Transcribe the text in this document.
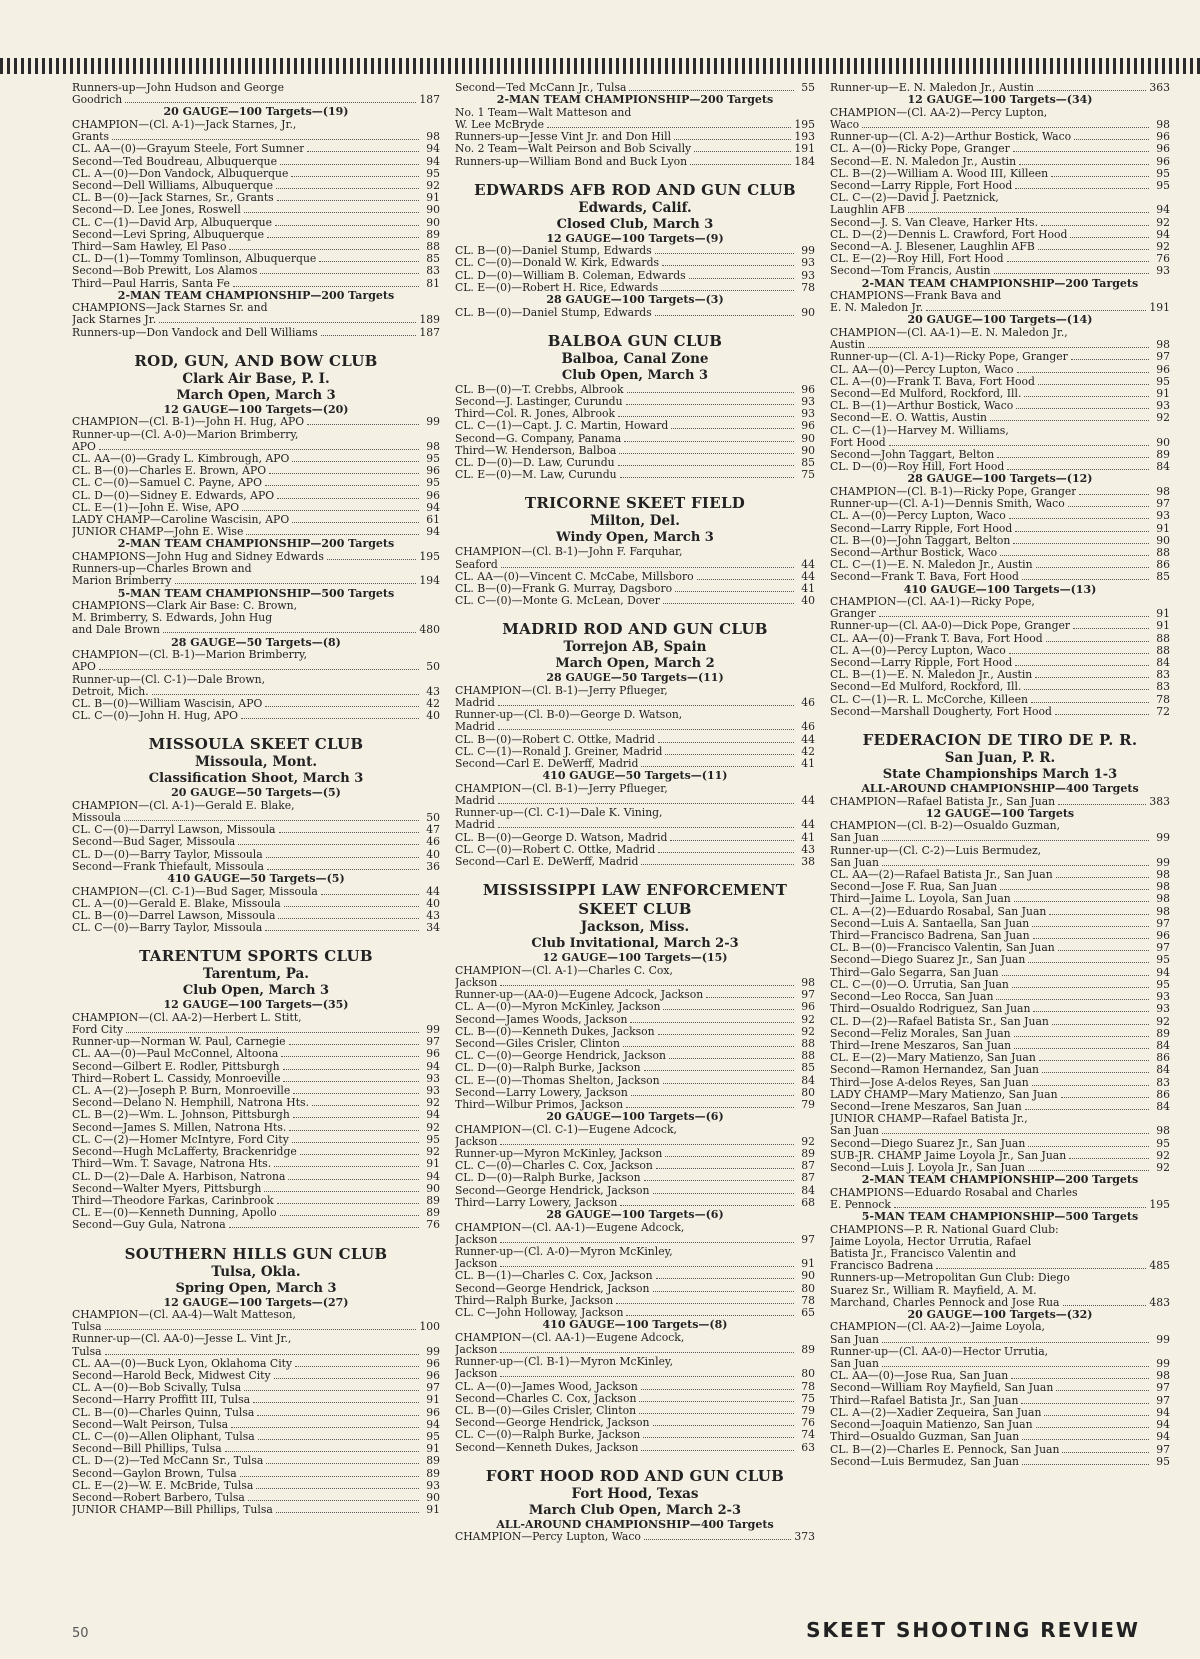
Runners-up—John Hudson and George
Goodrich	187
20 GAUGE—100 Targets—(19)
CHAMPION—(Cl. A-1)—Jack Starnes, Jr.,
Grants	98
CL. AA—(0)—Grayum Steele, Fort Sumner	94
Second—Ted Boudreau, Albuquerque	94
CL. A—(0)—Don Vandock, Albuquerque	95
Second—Dell Williams, Albuquerque	92
CL. B—(0)—Jack Starnes, Sr., Grants	91
Second—D. Lee Jones, Roswell	90
CL. C—(1)—David Arp, Albuquerque	90
Second—Levi Spring, Albuquerque	89
Third—Sam Hawley, El Paso	88
CL. D—(1)—Tommy Tomlinson, Albuquerque	85
Second—Bob Prewitt, Los Alamos	83
Third—Paul Harris, Santa Fe	81
2-MAN TEAM CHAMPIONSHIP—200 Targets
CHAMPIONS—Jack Starnes Sr. and
Jack Starnes Jr.	189
Runners-up—Don Vandock and Dell Williams	187
ROD, GUN, AND BOW CLUB
Clark Air Base, P. I.
March Open, March 3
12 GAUGE—100 Targets—(20)
CHAMPION—(Cl. B-1)—John H. Hug, APO	99
Runner-up—(Cl. A-0)—Marion Brimberry,
APO	98
CL. AA—(0)—Grady L. Kimbrough, APO	95
CL. B—(0)—Charles E. Brown, APO	96
CL. C—(0)—Samuel C. Payne, APO	95
CL. D—(0)—Sidney E. Edwards, APO	96
CL. E—(1)—John E. Wise, APO	94
LADY CHAMP—Caroline Wascisin, APO	61
JUNIOR CHAMP—John E. Wise	94
2-MAN TEAM CHAMPIONSHIP—200 Targets
CHAMPIONS—John Hug and Sidney Edwards	195
Runners-up—Charles Brown and
Marion Brimberry	194
5-MAN TEAM CHAMPIONSHIP—500 Targets
CHAMPIONS—Clark Air Base: C. Brown,
M. Brimberry, S. Edwards, John Hug
and Dale Brown	480
28 GAUGE—50 Targets—(8)
CHAMPION—(Cl. B-1)—Marion Brimberry,
APO	50
Runner-up—(Cl. C-1)—Dale Brown,
Detroit, Mich.	43
CL. B—(0)—William Wascisin, APO	42
CL. C—(0)—John H. Hug, APO	40
MISSOULA SKEET CLUB
Missoula, Mont.
Classification Shoot, March 3
20 GAUGE—50 Targets—(5)
CHAMPION—(Cl. A-1)—Gerald E. Blake,
Missoula	50
CL. C—(0)—Darryl Lawson, Missoula	47
Second—Bud Sager, Missoula	46
CL. D—(0)—Barry Taylor, Missoula	40
Second—Frank Thiefault, Missoula	36
410 GAUGE—50 Targets—(5)
CHAMPION—(Cl. C-1)—Bud Sager, Missoula	44
CL. A—(0)—Gerald E. Blake, Missoula	40
CL. B—(0)—Darrel Lawson, Missoula	43
CL. C—(0)—Barry Taylor, Missoula	34
TARENTUM SPORTS CLUB
Tarentum, Pa.
Club Open, March 3
12 GAUGE—100 Targets—(35)
CHAMPION—(Cl. AA-2)—Herbert L. Stitt,
Ford City	99
Runner-up—Norman W. Paul, Carnegie	97
CL. AA—(0)—Paul McConnel, Altoona	96
Second—Gilbert E. Rodler, Pittsburgh	94
Third—Robert L. Cassidy, Monroeville	93
CL. A—(2)—Joseph P. Burn, Monroeville	93
Second—Delano N. Hemphill, Natrona Hts.	92
CL. B—(2)—Wm. L. Johnson, Pittsburgh	94
Second—James S. Millen, Natrona Hts.	92
CL. C—(2)—Homer McIntyre, Ford City	95
Second—Hugh McLafferty, Brackenridge	92
Third—Wm. T. Savage, Natrona Hts.	91
CL. D—(2)—Dale A. Harbison, Natrona	94
Second—Walter Myers, Pittsburgh	90
Third—Theodore Farkas, Carinbrook	89
CL. E—(0)—Kenneth Dunning, Apollo	89
Second—Guy Gula, Natrona	76
SOUTHERN HILLS GUN CLUB
Tulsa, Okla.
Spring Open, March 3
12 GAUGE—100 Targets—(27)
CHAMPION—(Cl. AA-4)—Walt Matteson,
Tulsa	100
Runner-up—(Cl. AA-0)—Jesse L. Vint Jr.,
Tulsa	99
CL. AA—(0)—Buck Lyon, Oklahoma City	96
Second—Harold Beck, Midwest City	96
CL. A—(0)—Bob Scivally, Tulsa	97
Second—Harry Proffitt III, Tulsa	91
CL. B—(0)—Charles Quinn, Tulsa	96
Second—Walt Peirson, Tulsa	94
CL. C—(0)—Allen Oliphant, Tulsa	95
Second—Bill Phillips, Tulsa	91
CL. D—(2)—Ted McCann Sr., Tulsa	89
Second—Gaylon Brown, Tulsa	89
CL. E—(2)—W. E. McBride, Tulsa	93
Second—Robert Barbero, Tulsa	90
JUNIOR CHAMP—Bill Phillips, Tulsa	91
Second—Ted McCann Jr., Tulsa	55
2-MAN TEAM CHAMPIONSHIP—200 Targets
No. 1 Team—Walt Matteson and
W. Lee McBryde	195
Runners-up—Jesse Vint Jr. and Don Hill	193
No. 2 Team—Walt Peirson and Bob Scivally	191
Runners-up—William Bond and Buck Lyon	184
EDWARDS AFB ROD AND GUN CLUB
Edwards, Calif.
Closed Club, March 3
12 GAUGE—100 Targets—(9)
CL. B—(0)—Daniel Stump, Edwards	99
CL. C—(0)—Donald W. Kirk, Edwards	93
CL. D—(0)—William B. Coleman, Edwards	93
CL. E—(0)—Robert H. Rice, Edwards	78
28 GAUGE—100 Targets—(3)
CL. B—(0)—Daniel Stump, Edwards	90
BALBOA GUN CLUB
Balboa, Canal Zone
Club Open, March 3
CL. B—(0)—T. Crebbs, Albrook	96
Second—J. Lastinger, Curundu	93
Third—Col. R. Jones, Albrook	93
CL. C—(1)—Capt. J. C. Martin, Howard	96
Second—G. Company, Panama	90
Third—W. Henderson, Balboa	90
CL. D—(0)—D. Law, Curundu	85
CL. E—(0)—M. Law, Curundu	75
TRICORNE SKEET FIELD
Milton, Del.
Windy Open, March 3
CHAMPION—(Cl. B-1)—John F. Farquhar,
Seaford	44
CL. AA—(0)—Vincent C. McCabe, Millsboro	44
CL. B—(0)—Frank G. Murray, Dagsboro	41
CL. C—(0)—Monte G. McLean, Dover	40
MADRID ROD AND GUN CLUB
Torrejon AB, Spain
March Open, March 2
28 GAUGE—50 Targets—(11)
CHAMPION—(Cl. B-1)—Jerry Pflueger,
Madrid	46
Runner-up—(Cl. B-0)—George D. Watson,
Madrid	46
CL. B—(0)—Robert C. Ottke, Madrid	44
CL. C—(1)—Ronald J. Greiner, Madrid	42
Second—Carl E. DeWerff, Madrid	41
410 GAUGE—50 Targets—(11)
CHAMPION—(Cl. B-1)—Jerry Pflueger,
Madrid	44
Runner-up—(Cl. C-1)—Dale K. Vining,
Madrid	44
CL. B—(0)—George D. Watson, Madrid	41
CL. C—(0)—Robert C. Ottke, Madrid	43
Second—Carl E. DeWerff, Madrid	38
MISSISSIPPI LAW ENFORCEMENT
SKEET CLUB
Jackson, Miss.
Club Invitational, March 2-3
12 GAUGE—100 Targets—(15)
CHAMPION—(Cl. A-1)—Charles C. Cox,
Jackson	98
Runner-up—(AA-0)—Eugene Adcock, Jackson	97
CL. A—(0)—Myron McKinley, Jackson	96
Second—James Woods, Jackson	92
CL. B—(0)—Kenneth Dukes, Jackson	92
Second—Giles Crisler, Clinton	88
CL. C—(0)—George Hendrick, Jackson	88
CL. D—(0)—Ralph Burke, Jackson	85
CL. E—(0)—Thomas Shelton, Jackson	84
Second—Larry Lowery, Jackson	80
Third—Wilbur Primos, Jackson	79
20 GAUGE—100 Targets—(6)
CHAMPION—(Cl. C-1)—Eugene Adcock,
Jackson	92
Runner-up—Myron McKinley, Jackson	89
CL. C—(0)—Charles C. Cox, Jackson	87
CL. D—(0)—Ralph Burke, Jackson	87
Second—George Hendrick, Jackson	84
Third—Larry Lowery, Jackson	68
28 GAUGE—100 Targets—(6)
CHAMPION—(Cl. AA-1)—Eugene Adcock,
Jackson	97
Runner-up—(Cl. A-0)—Myron McKinley,
Jackson	91
CL. B—(1)—Charles C. Cox, Jackson	90
Second—George Hendrick, Jackson	80
Third—Ralph Burke, Jackson	78
CL. C—John Holloway, Jackson	65
410 GAUGE—100 Targets—(8)
CHAMPION—(Cl. AA-1)—Eugene Adcock,
Jackson	89
Runner-up—(Cl. B-1)—Myron McKinley,
Jackson	80
CL. A—(0)—James Wood, Jackson	78
Second—Charles C. Cox, Jackson	75
CL. B—(0)—Giles Crisler, Clinton	79
Second—George Hendrick, Jackson	76
CL. C—(0)—Ralph Burke, Jackson	74
Second—Kenneth Dukes, Jackson	63
FORT HOOD ROD AND GUN CLUB
Fort Hood, Texas
March Club Open, March 2-3
ALL-AROUND CHAMPIONSHIP—400 Targets
CHAMPION—Percy Lupton, Waco	373
Runner-up—E. N. Maledon Jr., Austin	363
12 GAUGE—100 Targets—(34)
CHAMPION—(Cl. AA-2)—Percy Lupton,
Waco	98
Runner-up—(Cl. A-2)—Arthur Bostick, Waco	96
CL. A—(0)—Ricky Pope, Granger	96
Second—E. N. Maledon Jr., Austin	96
CL. B—(2)—William A. Wood III, Killeen	95
Second—Larry Ripple, Fort Hood	95
CL. C—(2)—David J. Paetznick,
Laughlin AFB	94
Second—J. S. Van Cleave, Harker Hts.	92
CL. D—(2)—Dennis L. Crawford, Fort Hood	94
Second—A. J. Blesener, Laughlin AFB	92
CL. E—(2)—Roy Hill, Fort Hood	76
Second—Tom Francis, Austin	93
2-MAN TEAM CHAMPIONSHIP—200 Targets
CHAMPIONS—Frank Bava and
E. N. Maledon Jr.	191
20 GAUGE—100 Targets—(14)
CHAMPION—(Cl. AA-1)—E. N. Maledon Jr.,
Austin	98
Runner-up—(Cl. A-1)—Ricky Pope, Granger	97
CL. AA—(0)—Percy Lupton, Waco	96
CL. A—(0)—Frank T. Bava, Fort Hood	95
Second—Ed Mulford, Rockford, Ill.	91
CL. B—(1)—Arthur Bostick, Waco	93
Second—E. O. Wattis, Austin	92
CL. C—(1)—Harvey M. Williams,
Fort Hood	90
Second—John Taggart, Belton	89
CL. D—(0)—Roy Hill, Fort Hood	84
28 GAUGE—100 Targets—(12)
CHAMPION—(Cl. B-1)—Ricky Pope, Granger	98
Runner-up—(Cl. A-1)—Dennis Smith, Waco	97
CL. A—(0)—Percy Lupton, Waco	93
Second—Larry Ripple, Fort Hood	91
CL. B—(0)—John Taggart, Belton	90
Second—Arthur Bostick, Waco	88
CL. C—(1)—E. N. Maledon Jr., Austin	86
Second—Frank T. Bava, Fort Hood	85
410 GAUGE—100 Targets—(13)
CHAMPION—(Cl. AA-1)—Ricky Pope,
Granger	91
Runner-up—(Cl. AA-0)—Dick Pope, Granger	91
CL. AA—(0)—Frank T. Bava, Fort Hood	88
CL. A—(0)—Percy Lupton, Waco	88
Second—Larry Ripple, Fort Hood	84
CL. B—(1)—E. N. Maledon Jr., Austin	83
Second—Ed Mulford, Rockford, Ill.	83
CL. C—(1)—R. L. McCorche, Killeen	78
Second—Marshall Dougherty, Fort Hood	72
FEDERACION DE TIRO DE P. R.
San Juan, P. R.
State Championships March 1-3
ALL-AROUND CHAMPIONSHIP—400 Targets
CHAMPION—Rafael Batista Jr., San Juan	383
12 GAUGE—100 Targets
CHAMPION—(Cl. B-2)—Osualdo Guzman,
San Juan	99
Runner-up—(Cl. C-2)—Luis Bermudez,
San Juan	99
CL. AA—(2)—Rafael Batista Jr., San Juan	98
Second—Jose F. Rua, San Juan	98
Third—Jaime L. Loyola, San Juan	98
CL. A—(2)—Eduardo Rosabal, San Juan	98
Second—Luis A. Santaella, San Juan	97
Third—Francisco Badrena, San Juan	96
CL. B—(0)—Francisco Valentin, San Juan	97
Second—Diego Suarez Jr., San Juan	95
Third—Galo Segarra, San Juan	94
CL. C—(0)—O. Urrutia, San Juan	95
Second—Leo Rocca, San Juan	93
Third—Osualdo Rodriguez, San Juan	93
CL. D—(2)—Rafael Batista Sr., San Juan	92
Second—Feliz Morales, San Juan	89
Third—Irene Meszaros, San Juan	84
CL. E—(2)—Mary Matienzo, San Juan	86
Second—Ramon Hernandez, San Juan	84
Third—Jose A-delos Reyes, San Juan	83
LADY CHAMP—Mary Matienzo, San Juan	86
Second—Irene Meszaros, San Juan	84
JUNIOR CHAMP—Rafael Batista Jr.,
San Juan	98
Second—Diego Suarez Jr., San Juan	95
SUB-JR. CHAMP Jaime Loyola Jr., San Juan	92
Second—Luis J. Loyola Jr., San Juan	92
2-MAN TEAM CHAMPIONSHIP—200 Targets
CHAMPIONS—Eduardo Rosabal and Charles
E. Pennock	195
5-MAN TEAM CHAMPIONSHIP—500 Targets
CHAMPIONS—P. R. National Guard Club:
Jaime Loyola, Hector Urrutia, Rafael
Batista Jr., Francisco Valentin and
Francisco Badrena	485
Runners-up—Metropolitan Gun Club: Diego
Suarez Sr., William R. Mayfield, A. M.
Marchand, Charles Pennock and Jose Rua	483
20 GAUGE—100 Targets—(32)
CHAMPION—(Cl. AA-2)—Jaime Loyola,
San Juan	99
Runner-up—(Cl. AA-0)—Hector Urrutia,
San Juan	99
CL. AA—(0)—Jose Rua, San Juan	98
Second—William Roy Mayfield, San Juan	97
Third—Rafael Batista Jr., San Juan	97
CL. A—(2)—Xadier Zequeira, San Juan	94
Second—Joaquin Matienzo, San Juan	94
Third—Osualdo Guzman, San Juan	94
CL. B—(2)—Charles E. Pennock, San Juan	97
Second—Luis Bermudez, San Juan	95
50	SKEET SHOOTING REVIEW
